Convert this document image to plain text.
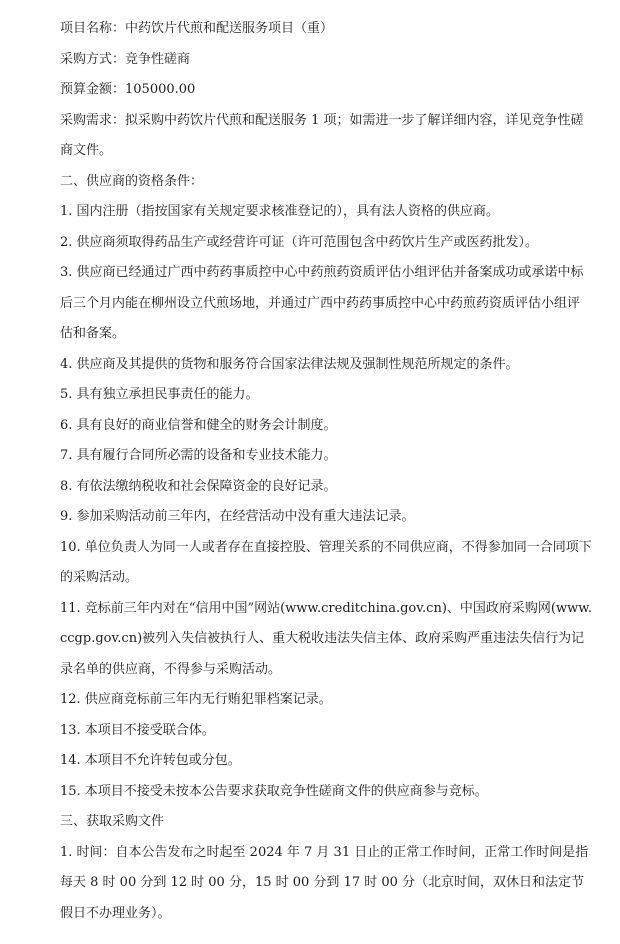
项目名称：中药饮片代煎和配送服务项目（重）
采购方式：竞争性磋商
预算金额：105000.00
采购需求：拟采购中药饮片代煎和配送服务 1 项；如需进一步了解详细内容，详见竞争性磋商文件。
二、供应商的资格条件：
1. 国内注册（指按国家有关规定要求核准登记的），具有法人资格的供应商。
2. 供应商须取得药品生产或经营许可证（许可范围包含中药饮片生产或医药批发）。
3. 供应商已经通过广西中药药事质控中心中药煎药资质评估小组评估并备案成功或承诺中标后三个月内能在柳州设立代煎场地，并通过广西中药药事质控中心中药煎药资质评估小组评估和备案。
4. 供应商及其提供的货物和服务符合国家法律法规及强制性规范所规定的条件。
5. 具有独立承担民事责任的能力。
6. 具有良好的商业信誉和健全的财务会计制度。
7. 具有履行合同所必需的设备和专业技术能力。
8. 有依法缴纳税收和社会保障资金的良好记录。
9. 参加采购活动前三年内，在经营活动中没有重大违法记录。
10. 单位负责人为同一人或者存在直接控股、管理关系的不同供应商，不得参加同一合同项下的采购活动。
11. 竞标前三年内对在“信用中国”网站(www.creditchina.gov.cn)、中国政府采购网(www.ccgp.gov.cn)被列入失信被执行人、重大税收违法失信主体、政府采购严重违法失信行为记录名单的供应商，不得参与采购活动。
12. 供应商竞标前三年内无行贿犯罪档案记录。
13. 本项目不接受联合体。
14. 本项目不允许转包或分包。
15. 本项目不接受未按本公告要求获取竞争性磋商文件的供应商参与竞标。
三、获取采购文件
1. 时间：自本公告发布之时起至 2024 年 7 月 31 日止的正常工作时间，正常工作时间是指每天 8 时 00 分到 12 时 00 分，15 时 00 分到 17 时 00 分（北京时间，双休日和法定节假日不办理业务）。
